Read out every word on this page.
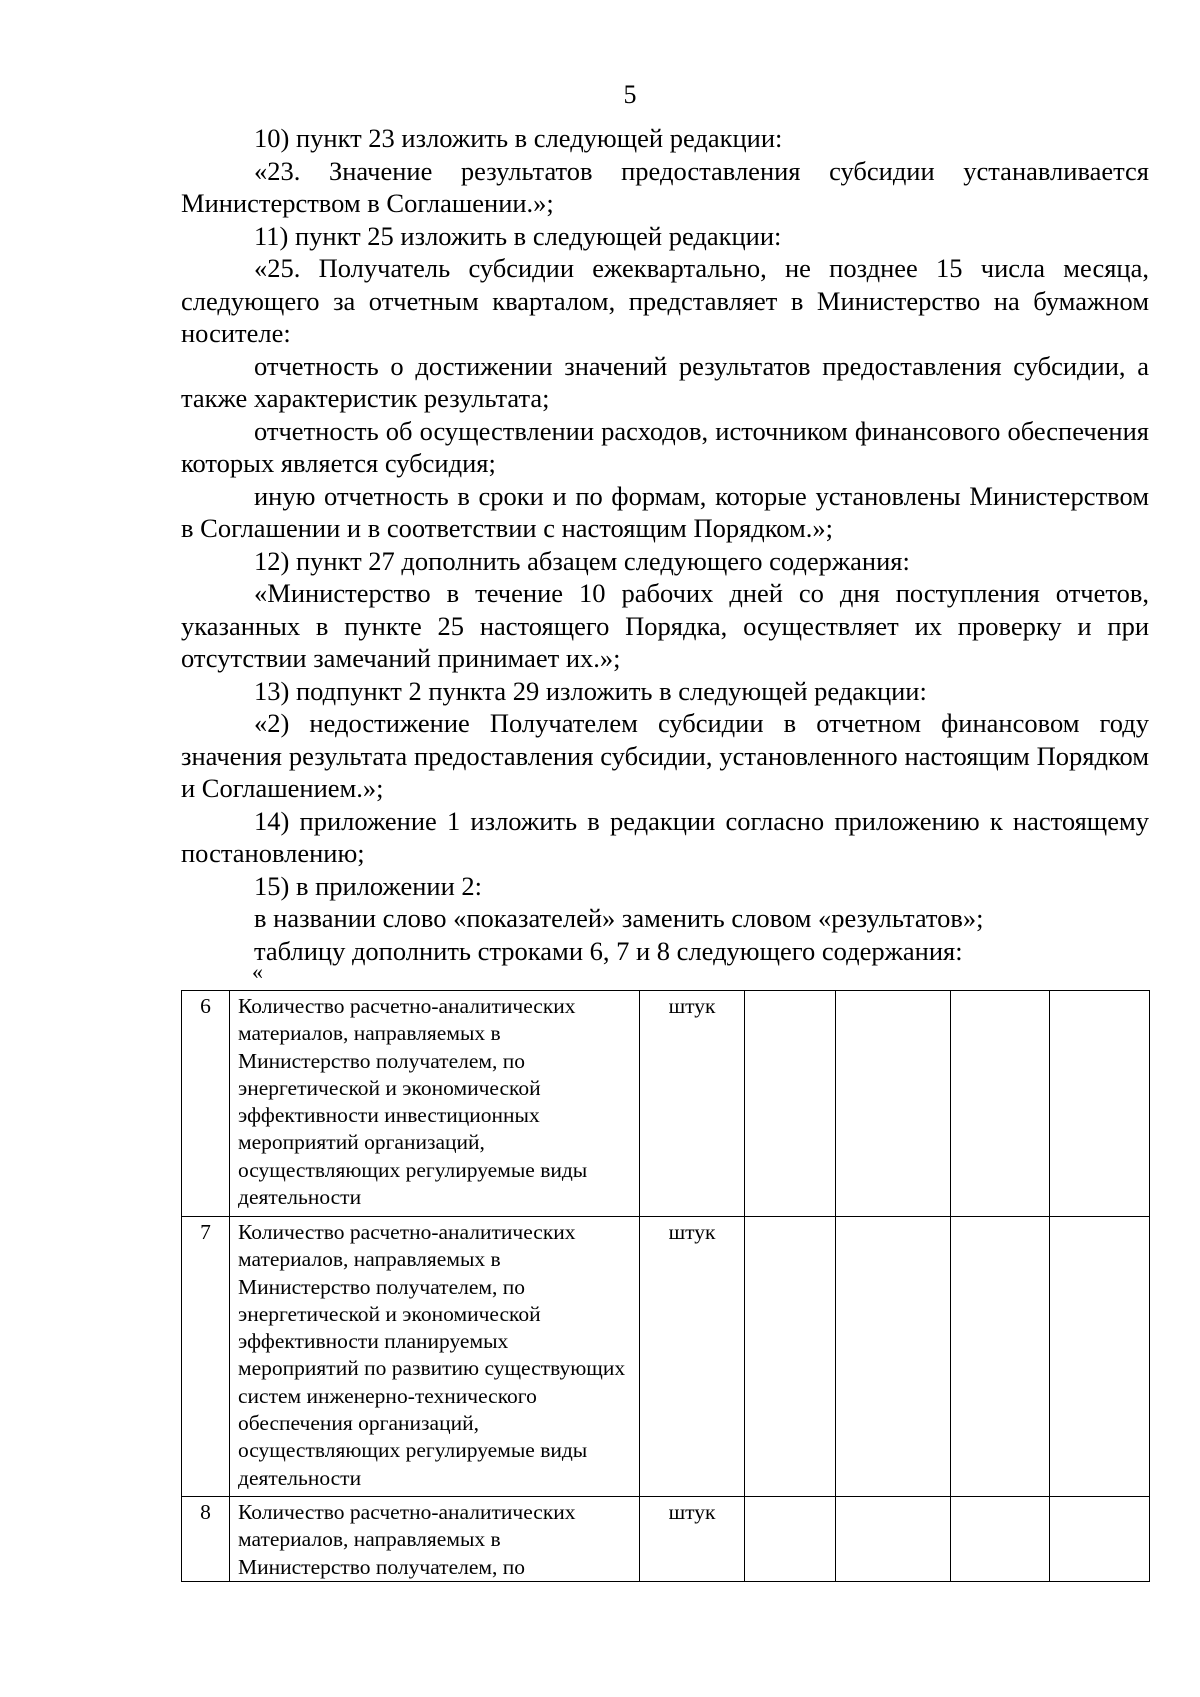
5

10) пункт 23 изложить в следующей редакции:

«23. Значение результатов предоставления субсидии устанавливается Министерством в Соглашении.»;

11) пункт 25 изложить в следующей редакции:

«25. Получатель субсидии ежеквартально, не позднее 15 числа месяца, следующего за отчетным кварталом, представляет в Министерство на бумажном носителе:

отчетность о достижении значений результатов предоставления субсидии, а также характеристик результата;

отчетность об осуществлении расходов, источником финансового обеспечения которых является субсидия;

иную отчетность в сроки и по формам, которые установлены Министерством в Соглашении и в соответствии с настоящим Порядком.»;

12) пункт 27 дополнить абзацем следующего содержания:

«Министерство в течение 10 рабочих дней со дня поступления отчетов, указанных в пункте 25 настоящего Порядка, осуществляет их проверку и при отсутствии замечаний принимает их.»;

13) подпункт 2 пункта 29 изложить в следующей редакции:

«2) недостижение Получателем субсидии в отчетном финансовом году значения результата предоставления субсидии, установленного настоящим Порядком и Соглашением.»;

14) приложение 1 изложить в редакции согласно приложению к настоящему постановлению;

15) в приложении 2:

в названии слово «показателей» заменить словом «результатов»;

таблицу дополнить строками 6, 7 и 8 следующего содержания:

«
6	Количество расчетно-аналитических материалов, направляемых в Министерство получателем, по энергетической и экономической эффективности инвестиционных мероприятий организаций, осуществляющих регулируемые виды деятельности	штук				
7	Количество расчетно-аналитических материалов, направляемых в Министерство получателем, по энергетической и экономической эффективности планируемых мероприятий по развитию существующих систем инженерно-технического обеспечения организаций, осуществляющих регулируемые виды деятельности	штук				
8	Количество расчетно-аналитических материалов, направляемых в Министерство получателем, по	штук				
